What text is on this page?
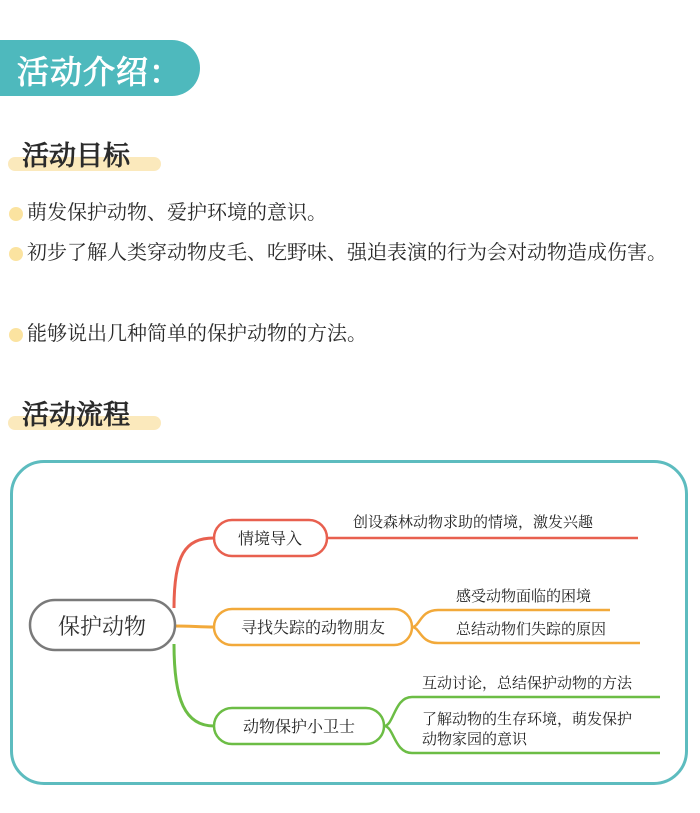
活动介绍：
活动目标
萌发保护动物、爱护环境的意识。
初步了解人类穿动物皮毛、吃野味、强迫表演的行为会对动物造成伤害。
能够说出几种简单的保护动物的方法。
活动流程
保护动物
情境导入
创设森林动物求助的情境，激发兴趣
寻找失踪的动物朋友
感受动物面临的困境
总结动物们失踪的原因
动物保护小卫士
互动讨论，总结保护动物的方法
了解动物的生存环境，萌发保护
动物家园的意识
